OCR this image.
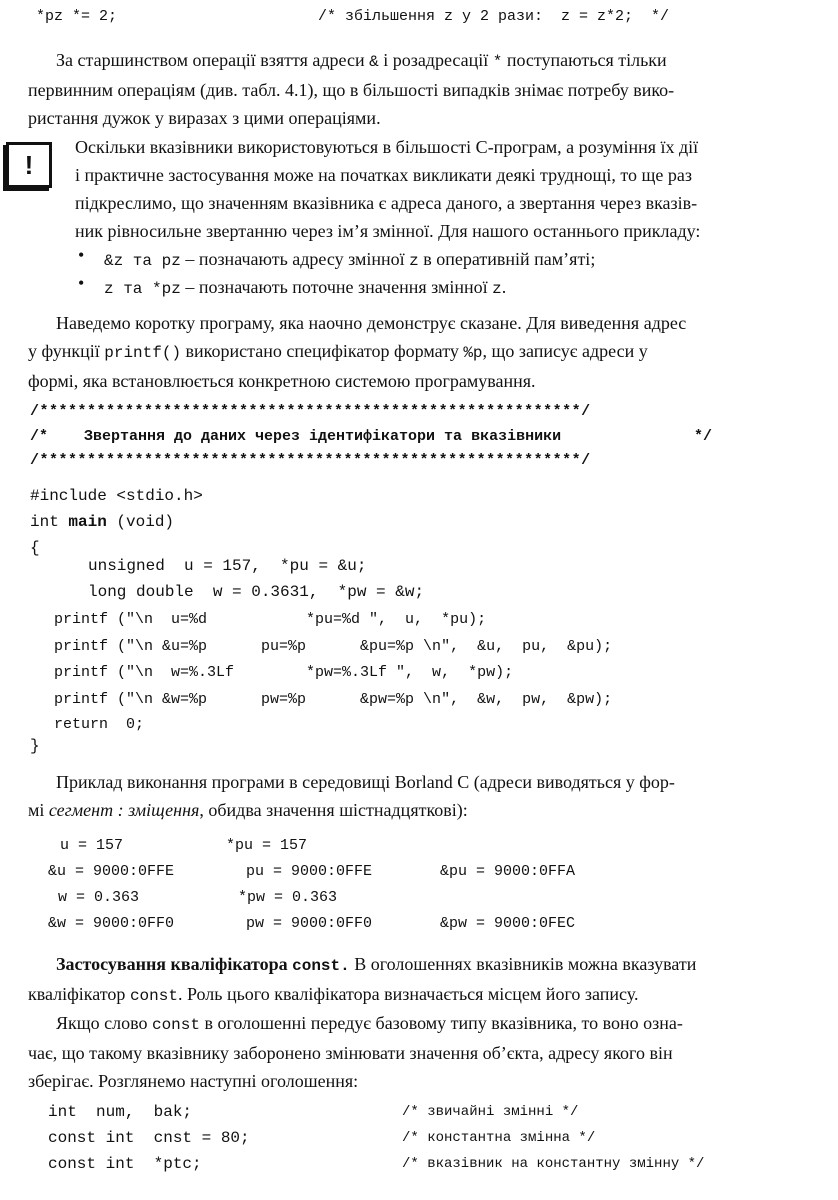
*pz *= 2;	/* збільшення z у 2 рази:  z = z*2;  */
За старшинством операції взяття адреси & і розадресації * поступаються тільки
первинним операціям (див. табл. 4.1), що в більшості випадків знімає потребу вико-
ристання дужок у виразах з цими операціями.
!
Оскільки вказівники використовуються в більшості С-програм, а розуміння їх дії
і практичне застосування може на початках викликати деякі труднощі, то ще раз
підкреслимо, що значенням вказівника є адреса даного, а звертання через вказів-
ник рівносильне звертанню через ім’я змінної. Для нашого останнього прикладу:
• &z та pz – позначають адресу змінної z в оперативній пам’яті;
• z та *pz – позначають поточне значення змінної z.
Наведемо коротку програму, яка наочно демонструє сказане. Для виведення адрес
у функції printf() використано специфікатор формату %p, що записує адреси у
формі, яка встановлюється конкретною системою програмування.
/*********************************************************/
/* Звертання до даних через ідентифікатори та вказівники	*/
/*********************************************************/
#include <stdio.h>
int main (void)
{
unsigned  u = 157,  *pu = &u;
long double  w = 0.3631,  *pw = &w;
printf ("\n  u=%d           *pu=%d ",  u,  *pu);
printf ("\n &u=%p      pu=%p      &pu=%p \n",  &u,  pu,  &pu);
printf ("\n  w=%.3Lf        *pw=%.3Lf ",  w,  *pw);
printf ("\n &w=%p      pw=%p      &pw=%p \n",  &w,  pw,  &pw);
return  0;
}
Приклад виконання програми в середовищі Borland C (адреси виводяться у фор-
мі сегмент : зміщення, обидва значення шістнадцяткові):
u = 157	*pu = 157
&u = 9000:0FFE	pu = 9000:0FFE	&pu = 9000:0FFA
w = 0.363	*pw = 0.363
&w = 9000:0FF0	pw = 9000:0FF0	&pw = 9000:0FEC
Застосування кваліфікатора const. В оголошеннях вказівників можна вказувати
кваліфікатор const. Роль цього кваліфікатора визначається місцем його запису.
Якщо слово const в оголошенні передує базовому типу вказівника, то воно озна-
чає, що такому вказівнику заборонено змінювати значення об’єкта, адресу якого він
зберігає. Розглянемо наступні оголошення:
int  num,  bak;	/* звичайні змінні */
const int  cnst = 80;	/* константна змінна */
const int  *ptc;	/* вказівник на константну змінну */
